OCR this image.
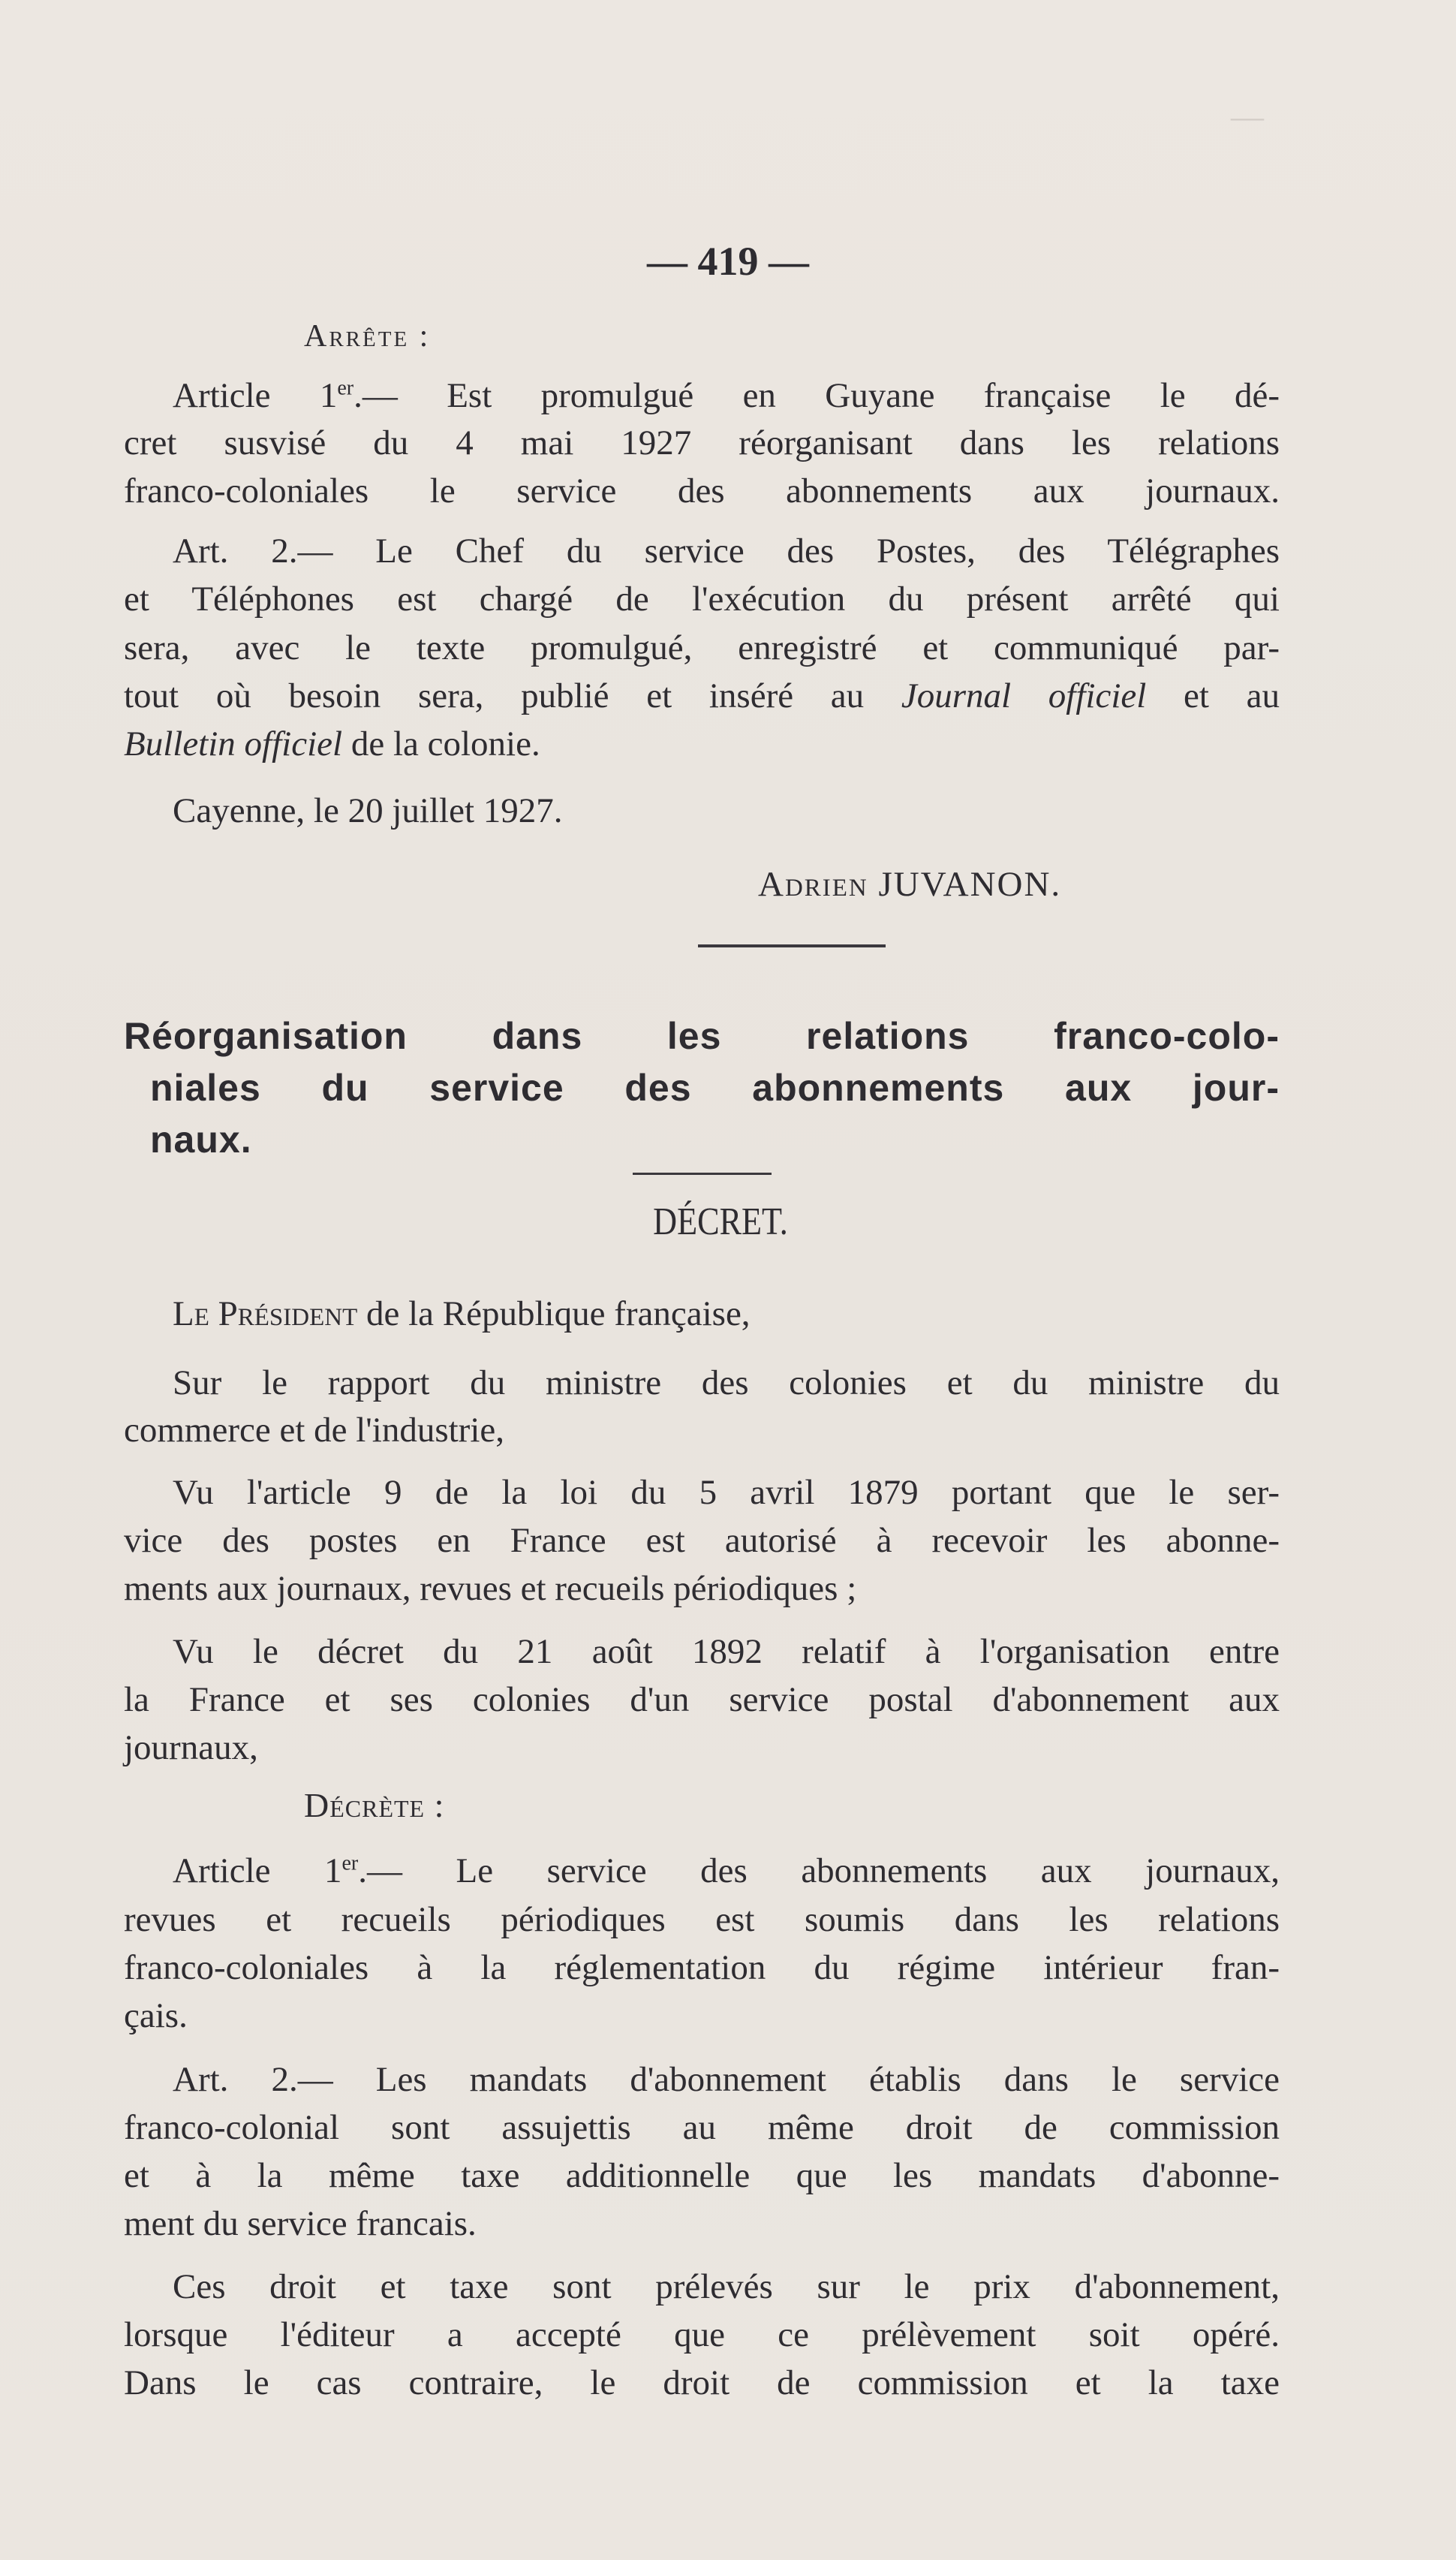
—
— 419 —
Arrête :
Article 1er.— Est promulgué en Guyane française le dé-
cret susvisé du 4 mai 1927 réorganisant dans les relations
franco-coloniales le service des abonnements aux journaux.
Art. 2.— Le Chef du service des Postes, des Télégraphes
et Téléphones est chargé de l'exécution du présent arrêté qui
sera, avec le texte promulgué, enregistré et communiqué par-
tout où besoin sera, publié et inséré au Journal officiel et au
Bulletin officiel de la colonie.
Cayenne, le 20 juillet 1927.
Adrien JUVANON.
Réorganisation dans les relations franco-colo-
niales du service des abonnements aux jour-
naux.
DÉCRET.
Le Président de la République française,
Sur le rapport du ministre des colonies et du ministre du
commerce et de l'industrie,
Vu l'article 9 de la loi du 5 avril 1879 portant que le ser-
vice des postes en France est autorisé à recevoir les abonne-
ments aux journaux, revues et recueils périodiques ;
Vu le décret du 21 août 1892 relatif à l'organisation entre
la France et ses colonies d'un service postal d'abonnement aux
journaux,
Décrète :
Article 1er.— Le service des abonnements aux journaux,
revues et recueils périodiques est soumis dans les relations
franco-coloniales à la réglementation du régime intérieur fran-
çais.
Art. 2.— Les mandats d'abonnement établis dans le service
franco-colonial sont assujettis au même droit de commission
et à la même taxe additionnelle que les mandats d'abonne-
ment du service francais.
Ces droit et taxe sont prélevés sur le prix d'abonnement,
lorsque l'éditeur a accepté que ce prélèvement soit opéré.
Dans le cas contraire, le droit de commission et la taxe
